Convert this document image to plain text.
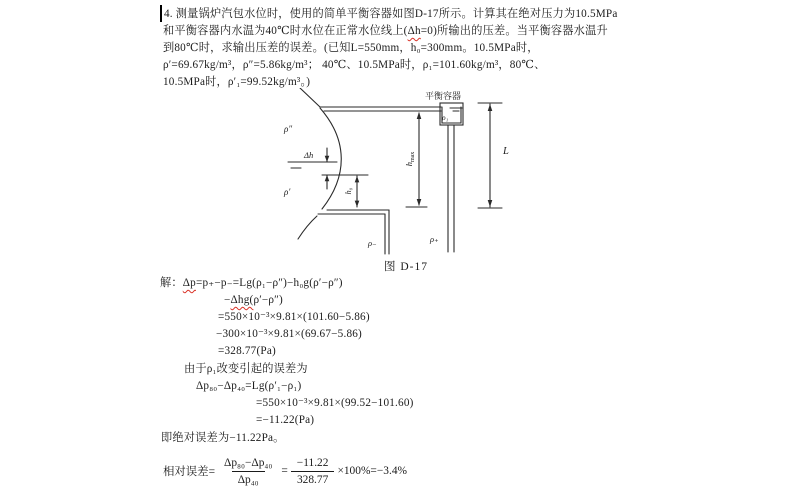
4. 测量锅炉汽包水位时，使用的简单平衡容器如图D-17所示。计算其在绝对压力为10.5MPa
和平衡容器内水温为40℃时水位在正常水位线上(Δh=0)所输出的压差。当平衡容器水温升
到80℃时，求输出压差的误差。(已知L=550mm，h₀=300mm。10.5MPa时，
ρ′=69.67kg/m³，ρ″=5.86kg/m³； 40℃、10.5MPa时，ρ₁=101.60kg/m³，80℃、
10.5MPa时，ρ′₁=99.52kg/m³。)
平衡容器
ρ₁
ρ″
ρ′
Δh
h₀
$h_{max}$	L
ρ₋	ρ₊
图 D-17
解：Δp=p₊−p₋=Lg(ρ₁−ρ″)−h₀g(ρ′−ρ″)
−Δhg(ρ′−ρ″)
=550×10⁻³×9.81×(101.60−5.86)
−300×10⁻³×9.81×(69.67−5.86)
=328.77(Pa)
由于ρ₁改变引起的误差为
Δp₈₀−Δp₄₀=Lg(ρ′₁−ρ₁)
=550×10⁻³×9.81×(99.52−101.60)
=−11.22(Pa)
即绝对误差为−11.22Pa。
相对误差= $\frac{\text{Δp₈₀−Δp₄₀}}{\text{Δp₄₀}} = \frac{-11.22}{328.77} \times 100\%=-3.4\%$
